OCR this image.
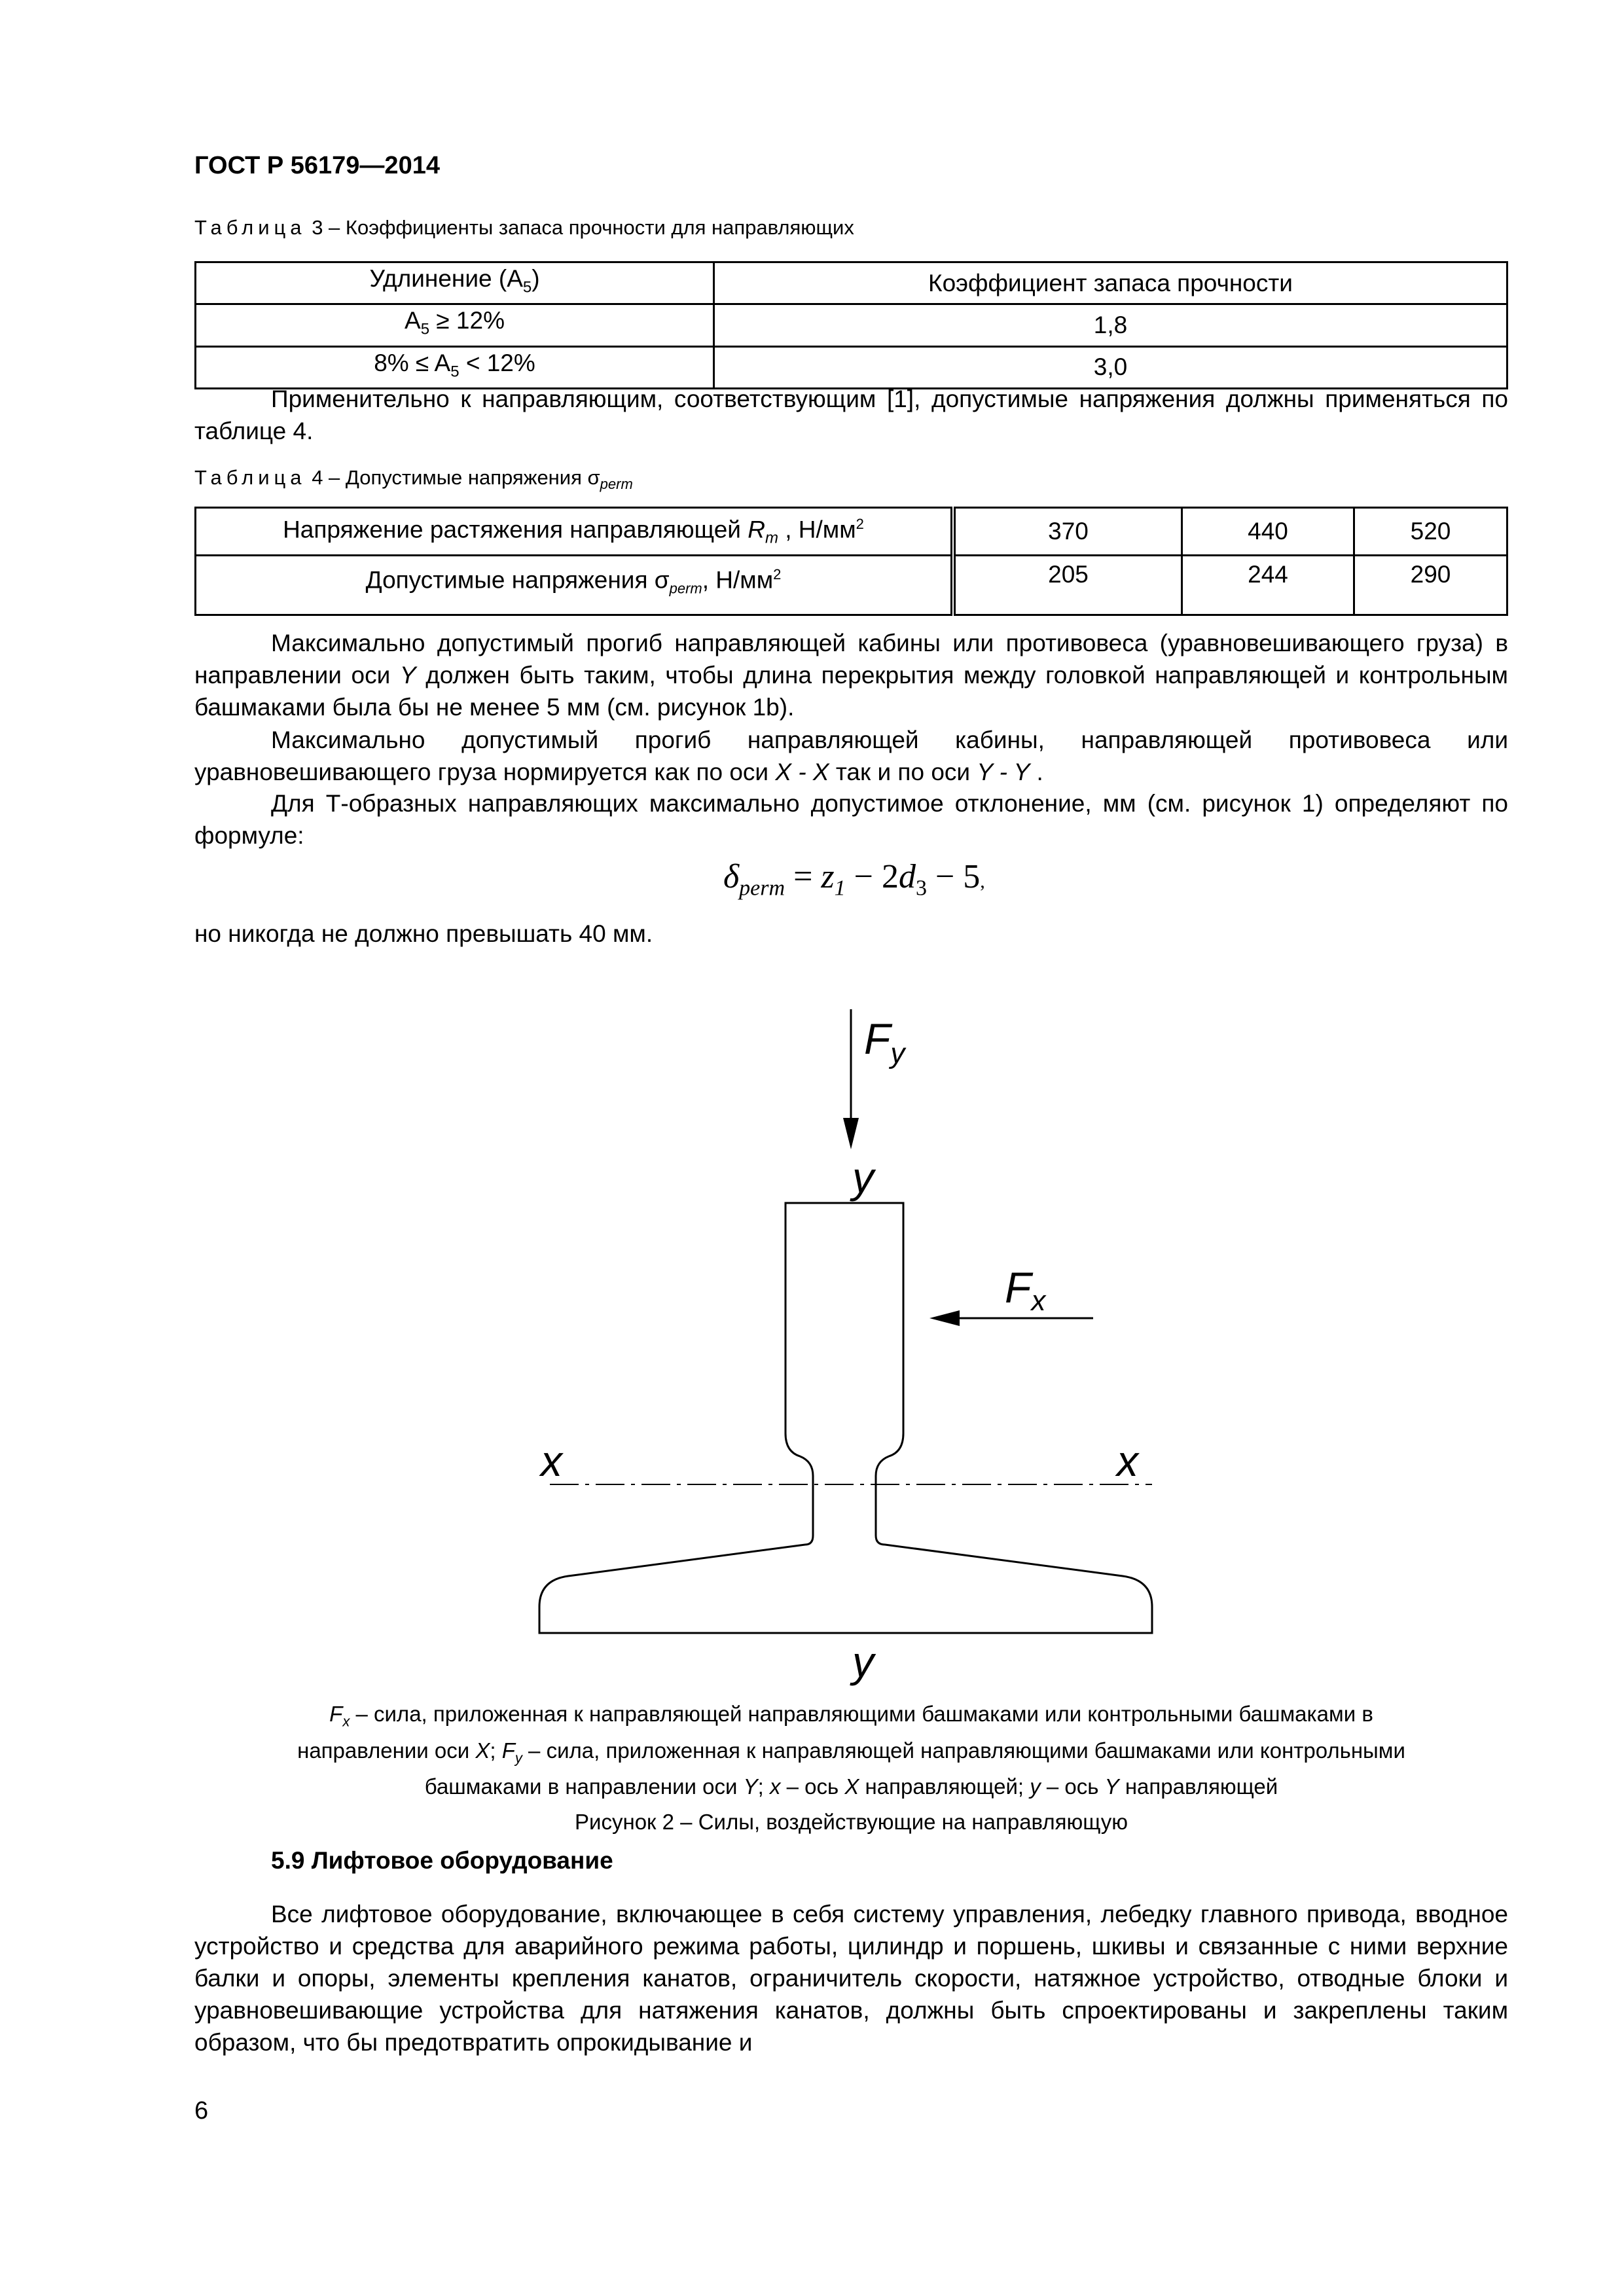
ГОСТ Р 56179—2014
Таблица 3 – Коэффициенты запаса прочности для направляющих
Удлинение $(A_5)$	Коэффициент запаса прочности
$A_5 \ge 12\%$	1,8
$8\% \le A_5 < 12\%$	3,0
Применительно к направляющим, соответствующим [1], допустимые напряжения должны применяться по таблице 4.
Таблица 4 – Допустимые напряжения $\sigma_{perm}$
Напряжение растяжения направляющей $R_m$ , $Н/мм^2$	370	440	520
Допустимые напряжения $\sigma_{perm}$, $Н/мм^2$	205	244	290
Максимально допустимый прогиб направляющей кабины или противовеса (уравновешивающего груза) в направлении оси Y должен быть таким, чтобы длина перекрытия между головкой направляющей и контрольным башмаками была бы не менее 5 мм (см. рисунок 1b).
Максимально допустимый прогиб направляющей кабины, направляющей противовеса или уравновешивающего груза нормируется как по оси X - X так и по оси Y - Y .
Для Т-образных направляющих максимально допустимое отклонение, мм (см. рисунок 1) определяют по формуле:
$\delta_{perm} = z_1 - 2d_3 - 5$,
но никогда не должно превышать 40 мм.
$F_y$
y
Fx
x	x
y
$F_x$ – сила, приложенная к направляющей направляющими башмаками или контрольными башмаками в
направлении оси X; $F_y$ – сила, приложенная к направляющей направляющими башмаками или контрольными
башмаками в направлении оси Y; x – ось X направляющей; y – ось Y направляющей
Рисунок 2 – Силы, воздействующие на направляющую
5.9 Лифтовое оборудование
Все лифтовое оборудование, включающее в себя систему управления, лебедку главного привода, вводное устройство и средства для аварийного режима работы, цилиндр и поршень, шкивы и связанные с ними верхние балки и опоры, элементы крепления канатов, ограничитель скорости, натяжное устройство, отводные блоки и уравновешивающие устройства для натяжения канатов, должны быть спроектированы и закреплены таким образом, что бы предотвратить опрокидывание и
6
